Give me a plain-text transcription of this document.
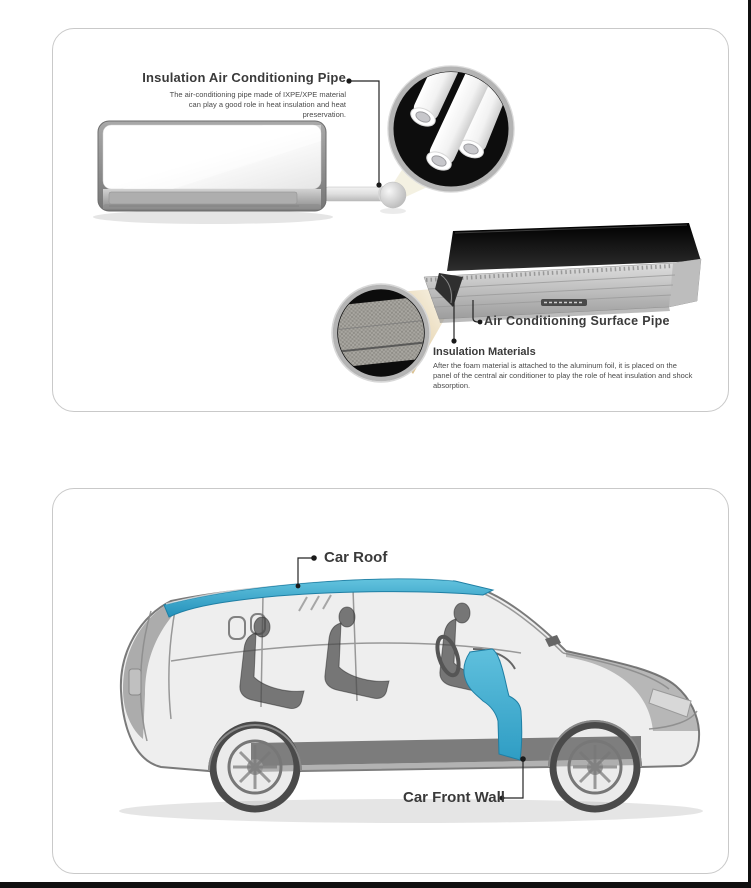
Insulation Air Conditioning Pipe
The air-conditioning pipe made of IXPE/XPE material can play a good role in heat insulation and heat preservation.
Air Conditioning Surface Pipe
Insulation Materials
After the foam material is attached to the aluminum foil, it is placed on the panel of the central air conditioner to play the role of heat insulation and shock absorption.
Car Roof
Car Front Wall
